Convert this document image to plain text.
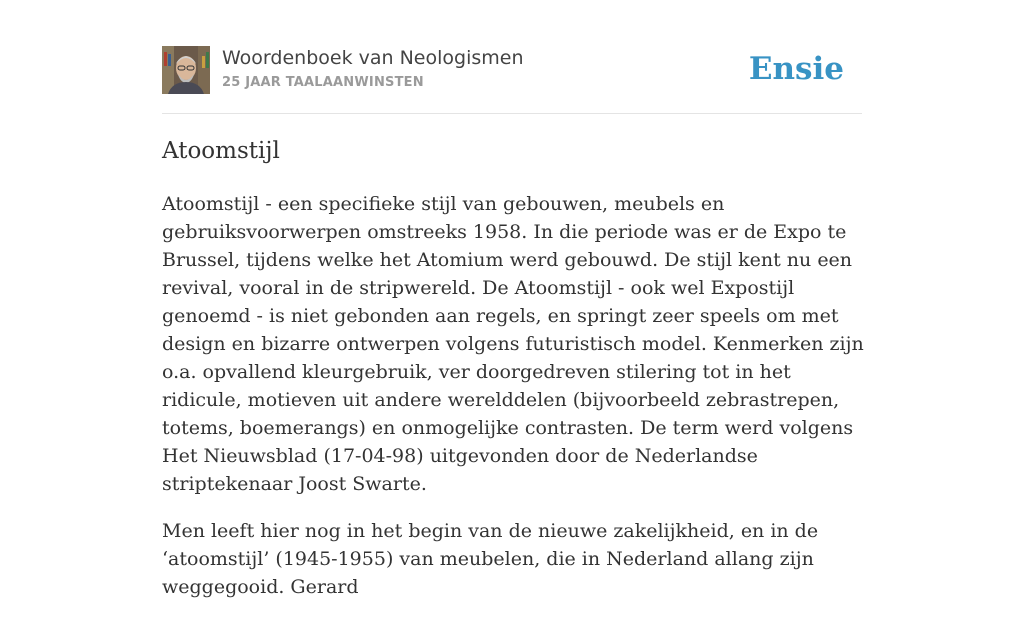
Woordenboek van Neologismen
25 JAAR TAALAANWINSTEN	Ensie
Atoomstijl

Atoomstijl - een specifieke stijl van gebouwen, meubels en gebruiksvoorwerpen omstreeks 1958. In die periode was er de Expo te Brussel, tijdens welke het Atomium werd gebouwd. De stijl kent nu een revival, vooral in de stripwereld. De Atoomstijl - ook wel Expostijl genoemd - is niet gebonden aan regels, en springt zeer speels om met design en bizarre ontwerpen volgens futuristisch model. Kenmerken zijn o.a. opvallend kleurgebruik, ver doorgedreven stilering tot in het ridicule, motieven uit andere werelddelen (bijvoorbeeld zebrastrepen, totems, boemerangs) en onmogelijke contrasten. De term werd volgens Het Nieuwsblad (17-04-98) uitgevonden door de Nederlandse striptekenaar Joost Swarte.

Men leeft hier nog in het begin van de nieuwe zakelijkheid, en in de ‘atoomstijl’ (1945-1955) van meubelen, die in Nederland allang zijn weggegooid. Gerard
